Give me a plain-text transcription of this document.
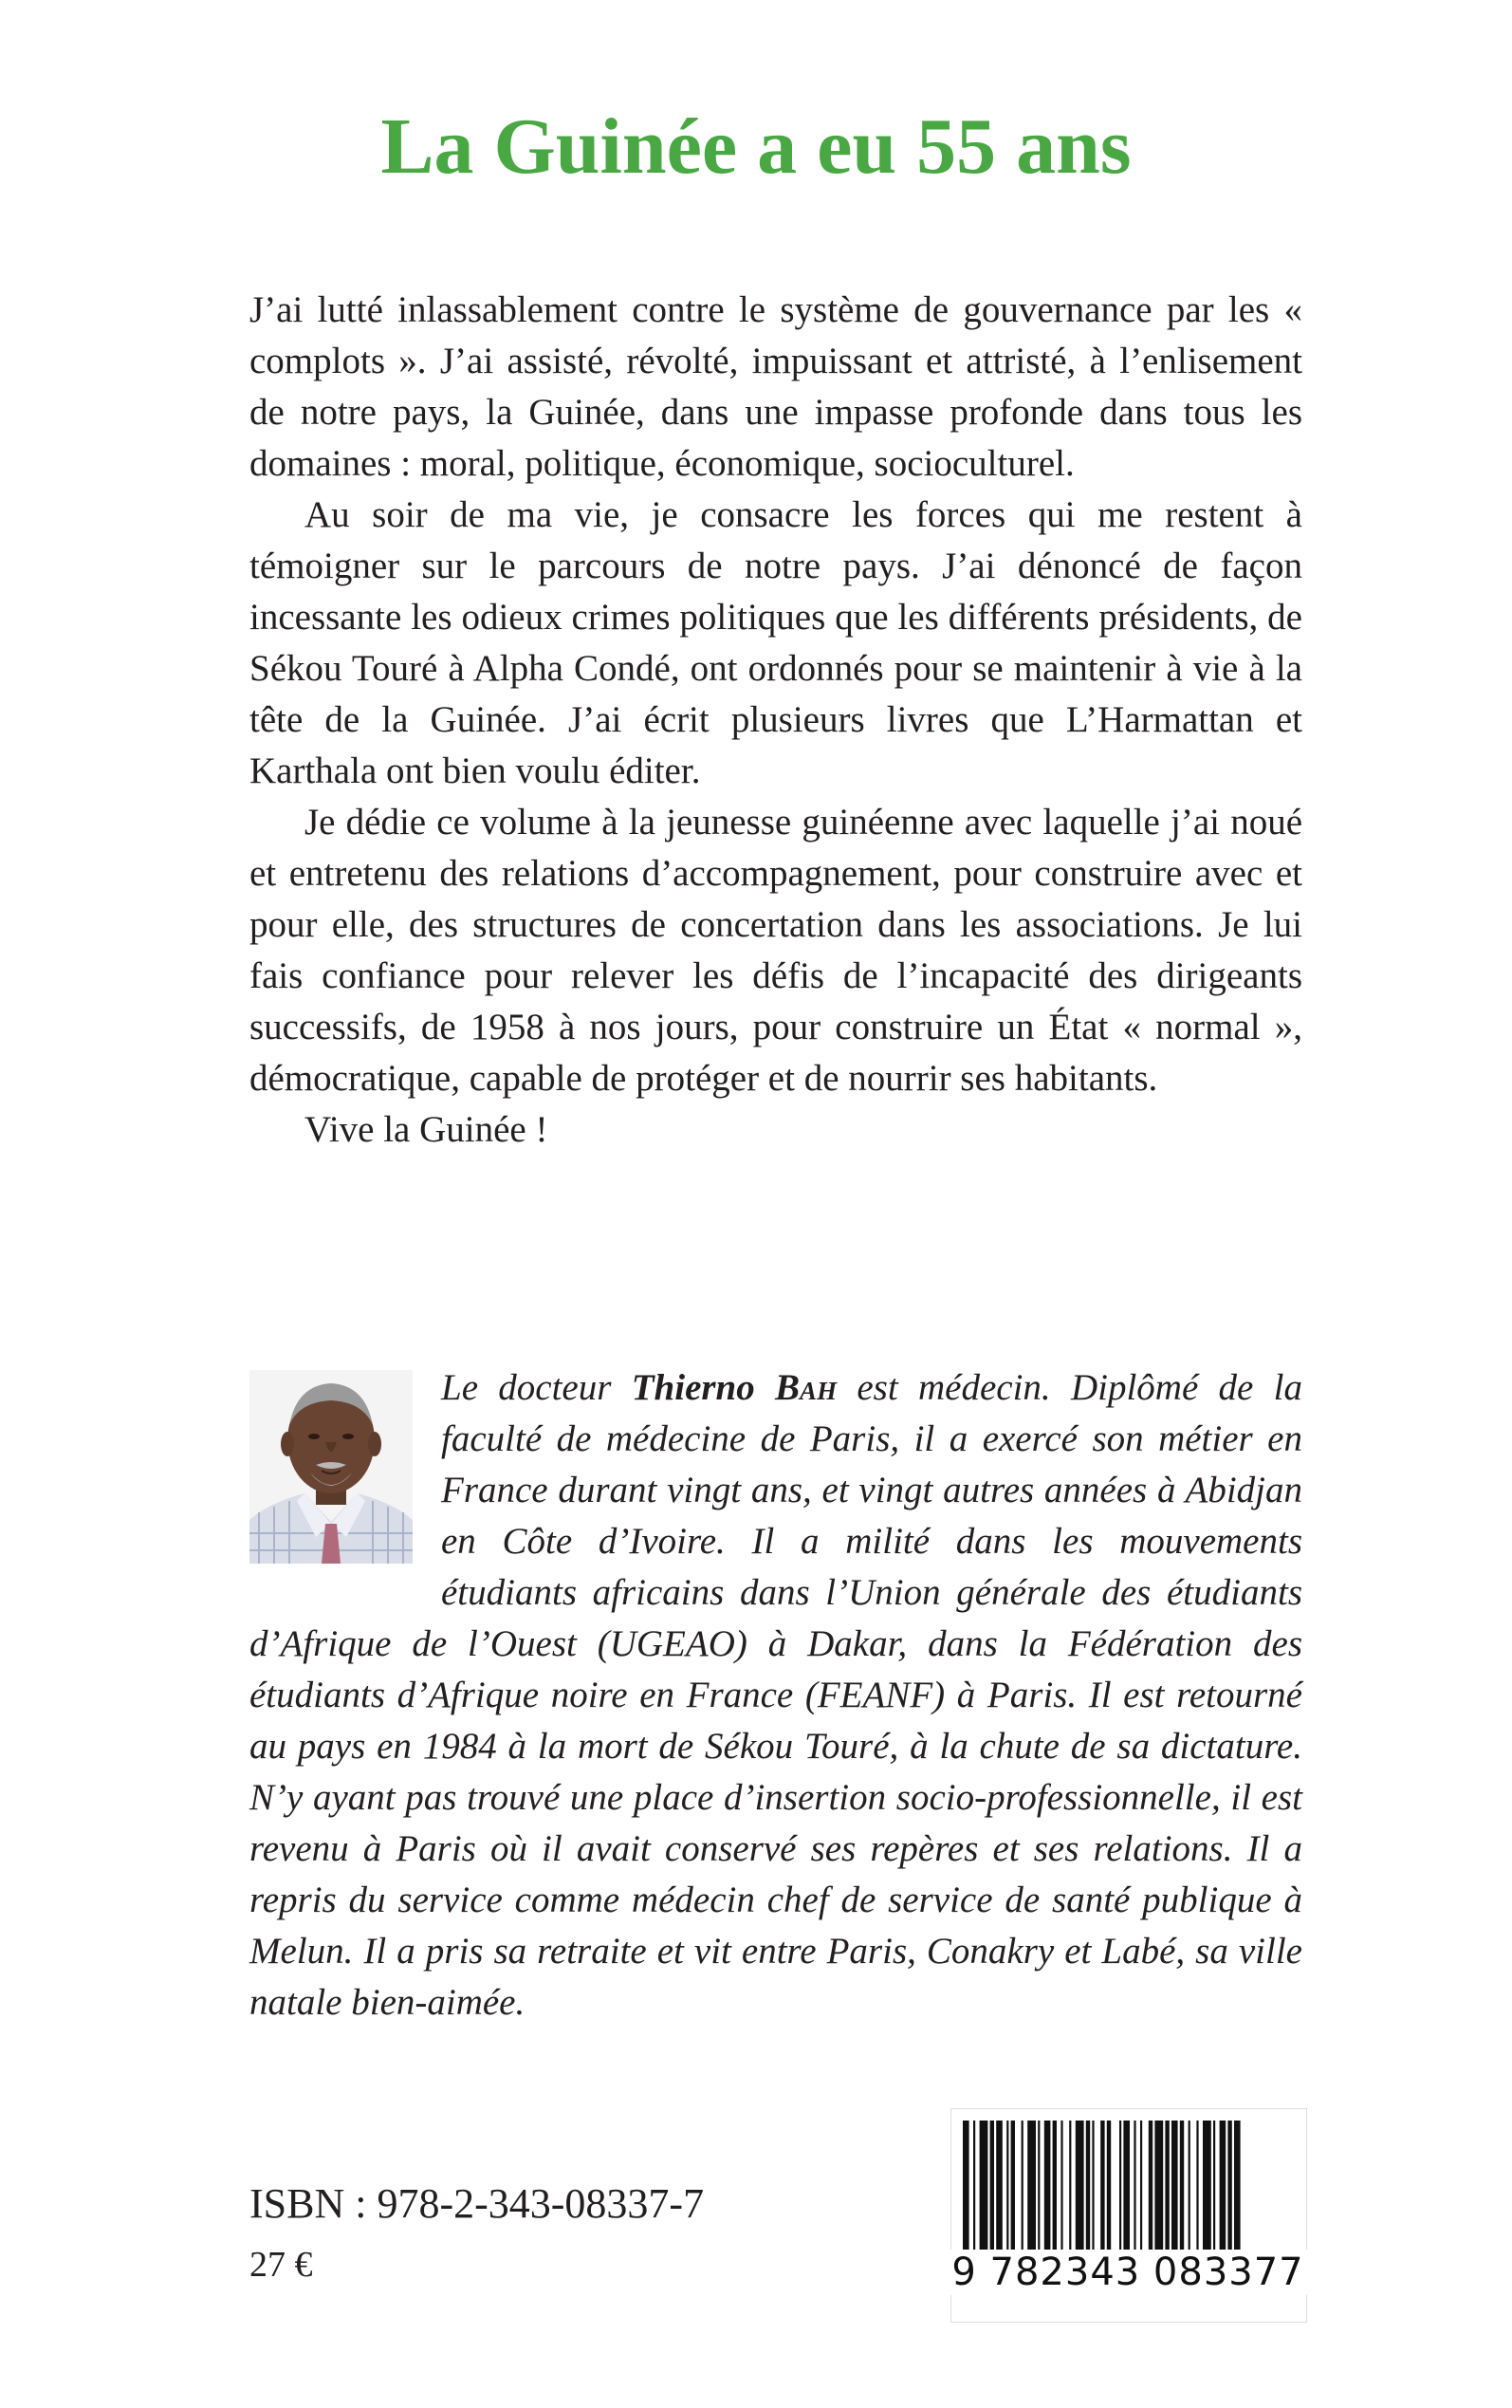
La Guinée a eu 55 ans

J’ai lutté inlassablement contre le système de gouvernance par les « complots ». J’ai assisté, révolté, impuissant et attristé, à l’enlisement de notre pays, la Guinée, dans une impasse profonde dans tous les domaines : moral, politique, économique, socioculturel.

Au soir de ma vie, je consacre les forces qui me restent à témoigner sur le parcours de notre pays. J’ai dénoncé de façon incessante les odieux crimes politiques que les différents présidents, de Sékou Touré à Alpha Condé, ont ordonnés pour se maintenir à vie à la tête de la Guinée. J’ai écrit plusieurs livres que L’Harmattan et Karthala ont bien voulu éditer.

Je dédie ce volume à la jeunesse guinéenne avec laquelle j’ai noué et entretenu des relations d’accompagnement, pour construire avec et pour elle, des structures de concertation dans les associations. Je lui fais confiance pour relever les défis de l’incapacité des dirigeants successifs, de 1958 à nos jours, pour construire un État « normal », démocratique, capable de protéger et de nourrir ses habitants.

Vive la Guinée !

Le docteur Thierno Bah est médecin. Diplômé de la faculté de médecine de Paris, il a exercé son métier en France durant vingt ans, et vingt autres années à Abidjan en Côte d’Ivoire. Il a milité dans les mouvements étudiants africains dans l’Union générale des étudiants d’Afrique de l’Ouest (UGEAO) à Dakar, dans la Fédération des étudiants d’Afrique noire en France (FEANF) à Paris. Il est retourné au pays en 1984 à la mort de Sékou Touré, à la chute de sa dictature. N’y ayant pas trouvé une place d’insertion socio-professionnelle, il est revenu à Paris où il avait conservé ses repères et ses relations. Il a repris du service comme médecin chef de service de santé publique à Melun. Il a pris sa retraite et vit entre Paris, Conakry et Labé, sa ville natale bien-aimée.

ISBN : 978-2-343-08337-7

27 €	9 782343 083377
